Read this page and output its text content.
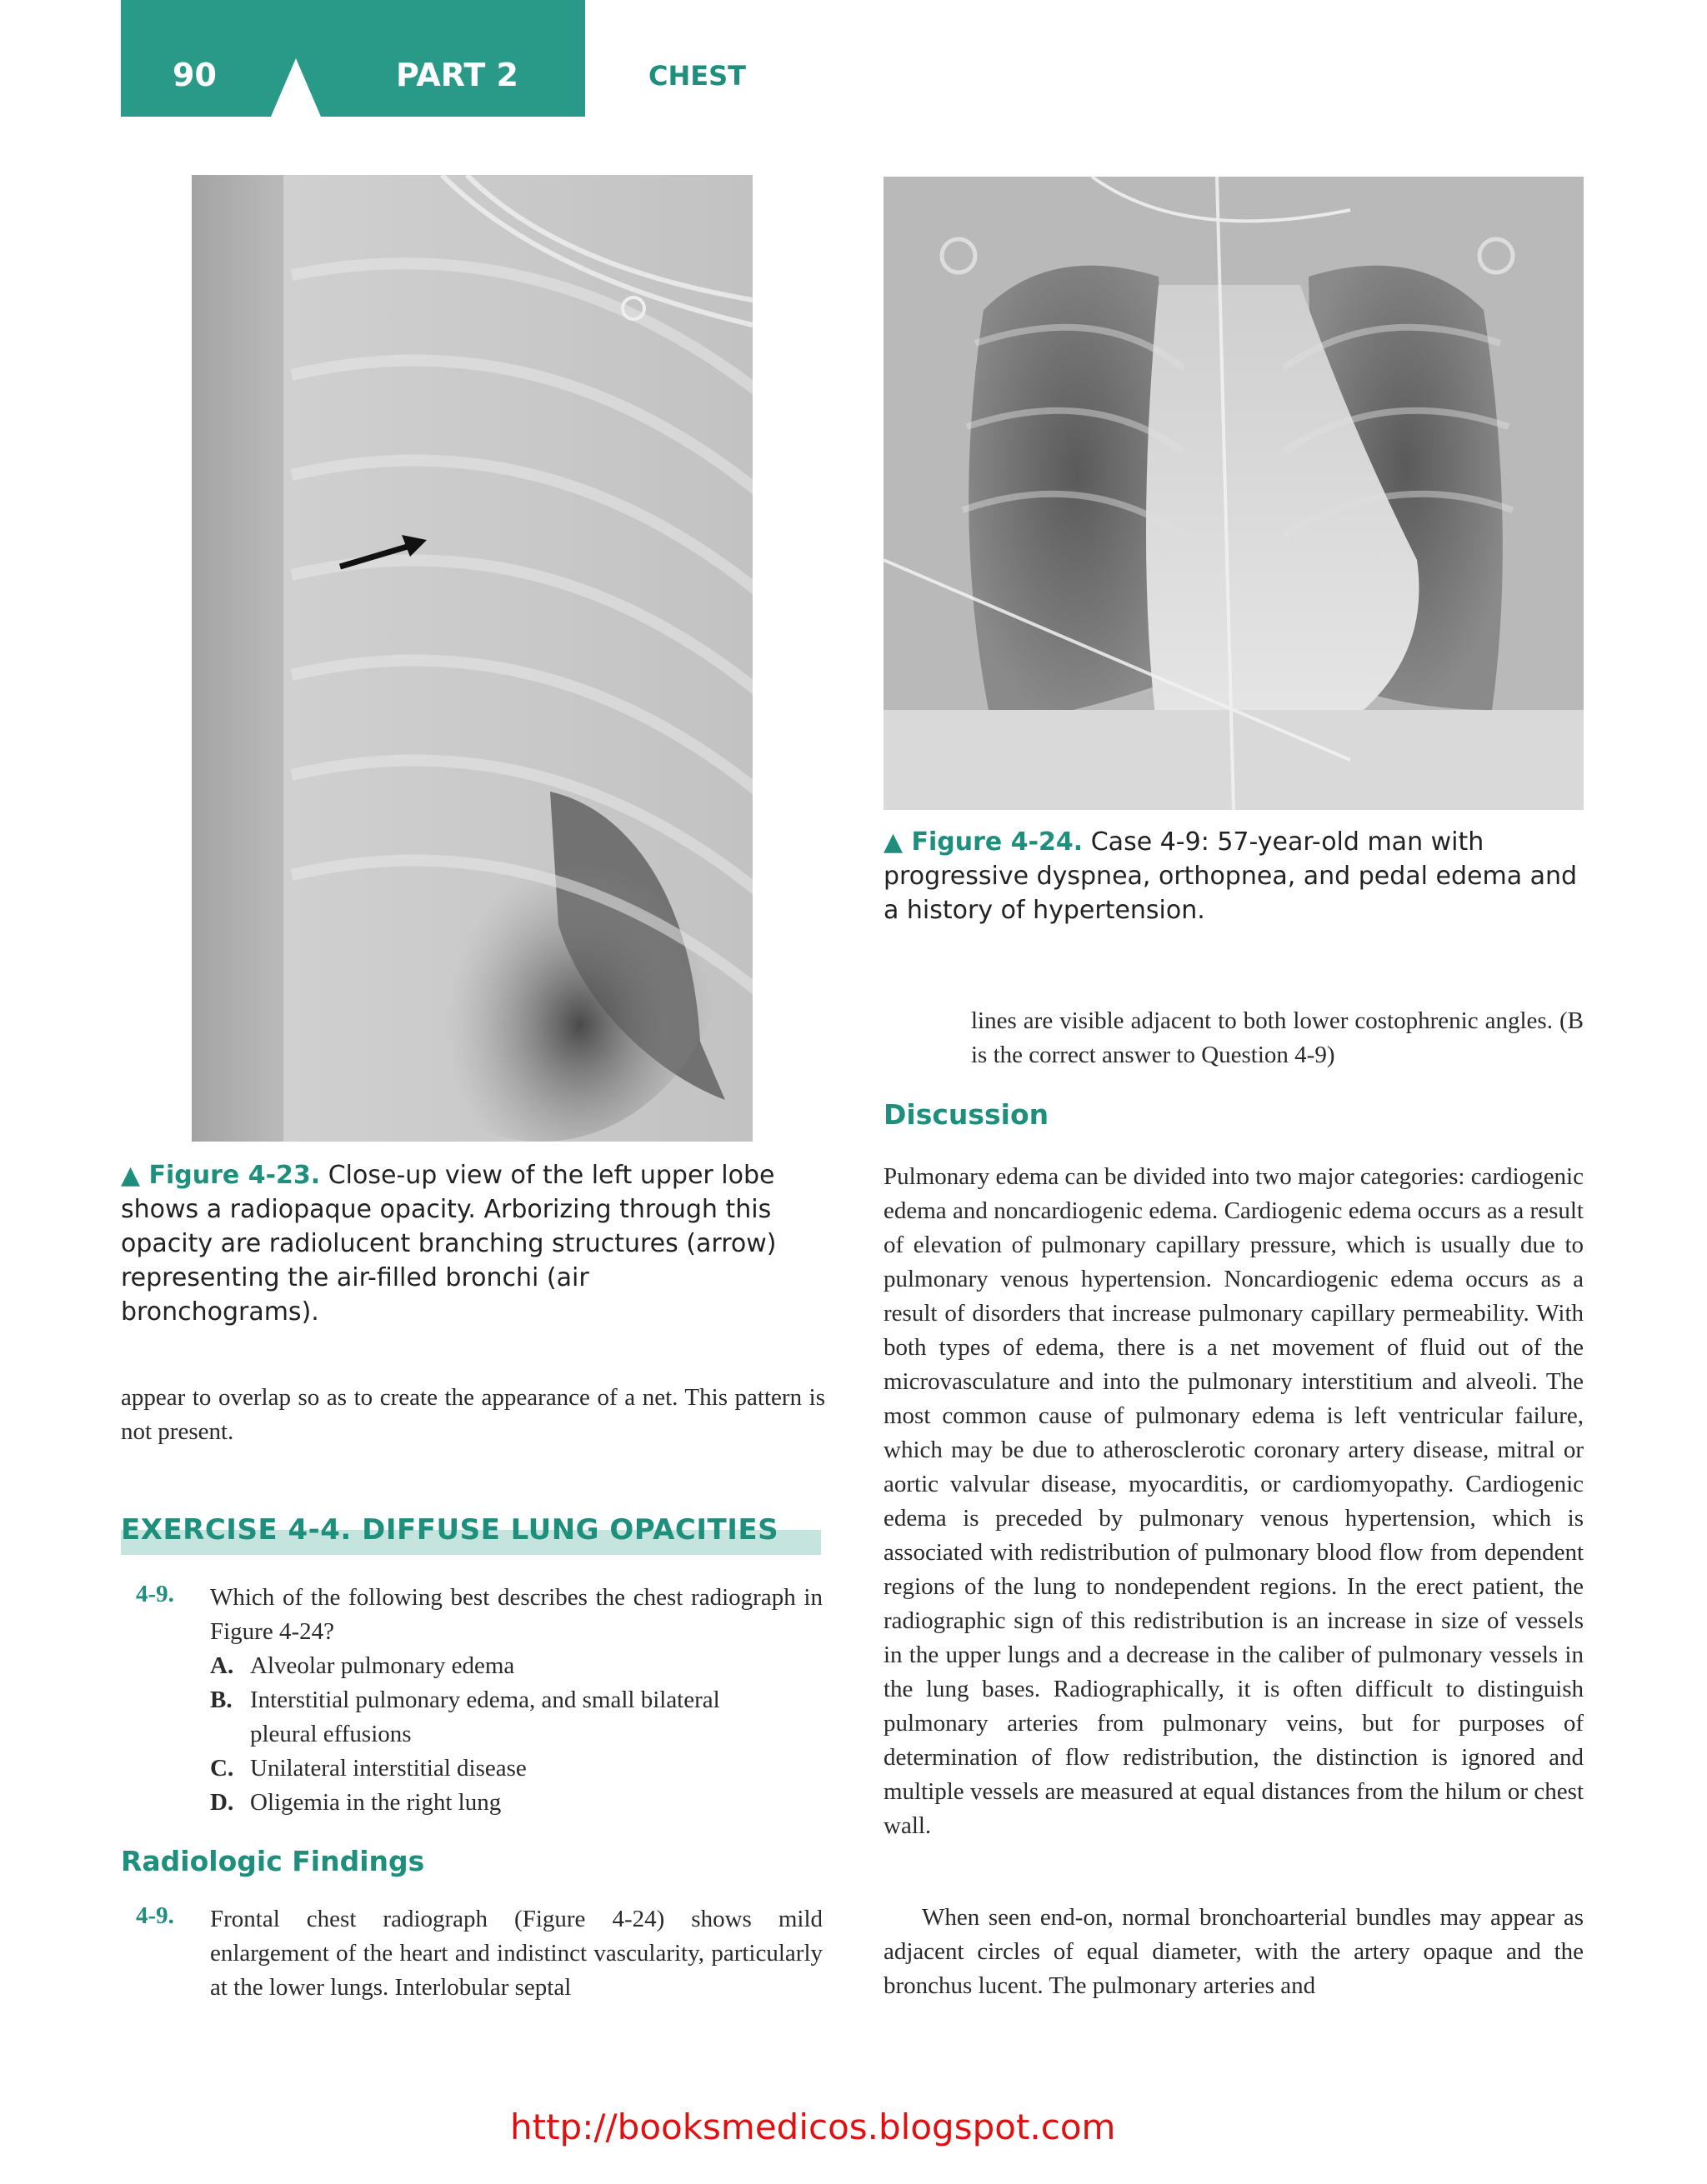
90	PART 2	CHEST
▲ Figure 4-23. Close-up view of the left upper lobe shows a radiopaque opacity. Arborizing through this opacity are radiolucent branching structures (arrow) representing the air-filled bronchi (air bronchograms).
▲ Figure 4-24. Case 4-9: 57-year-old man with progressive dyspnea, orthopnea, and pedal edema and a history of hypertension.
appear to overlap so as to create the appearance of a net. This pattern is not present.
EXERCISE 4-4. DIFFUSE LUNG OPACITIES
4-9. Which of the following best describes the chest radiograph in Figure 4-24?
A. Alveolar pulmonary edema
B. Interstitial pulmonary edema, and small bilateral
pleural effusions
C. Unilateral interstitial disease
D. Oligemia in the right lung
Radiologic Findings
4-9. Frontal chest radiograph (Figure 4-24) shows mild enlargement of the heart and indistinct vascularity, particularly at the lower lungs. Interlobular septal
lines are visible adjacent to both lower costophrenic angles. (B is the correct answer to Question 4-9)
Discussion
Pulmonary edema can be divided into two major categories: cardiogenic edema and noncardiogenic edema. Cardiogenic edema occurs as a result of elevation of pulmonary capillary pressure, which is usually due to pulmonary venous hypertension. Noncardiogenic edema occurs as a result of disorders that increase pulmonary capillary permeability. With both types of edema, there is a net movement of fluid out of the microvasculature and into the pulmonary interstitium and alveoli. The most common cause of pulmonary edema is left ventricular failure, which may be due to atherosclerotic coronary artery disease, mitral or aortic valvular disease, myocarditis, or cardiomyopathy. Cardiogenic edema is preceded by pulmonary venous hypertension, which is associated with redistribution of pulmonary blood flow from dependent regions of the lung to nondependent regions. In the erect patient, the radiographic sign of this redistribution is an increase in size of vessels in the upper lungs and a decrease in the caliber of pulmonary vessels in the lung bases. Radiographically, it is often difficult to distinguish pulmonary arteries from pulmonary veins, but for purposes of determination of flow redistribution, the distinction is ignored and multiple vessels are measured at equal distances from the hilum or chest wall.
When seen end-on, normal bronchoarterial bundles may appear as adjacent circles of equal diameter, with the artery opaque and the bronchus lucent. The pulmonary arteries and
http://booksmedicos.blogspot.com
